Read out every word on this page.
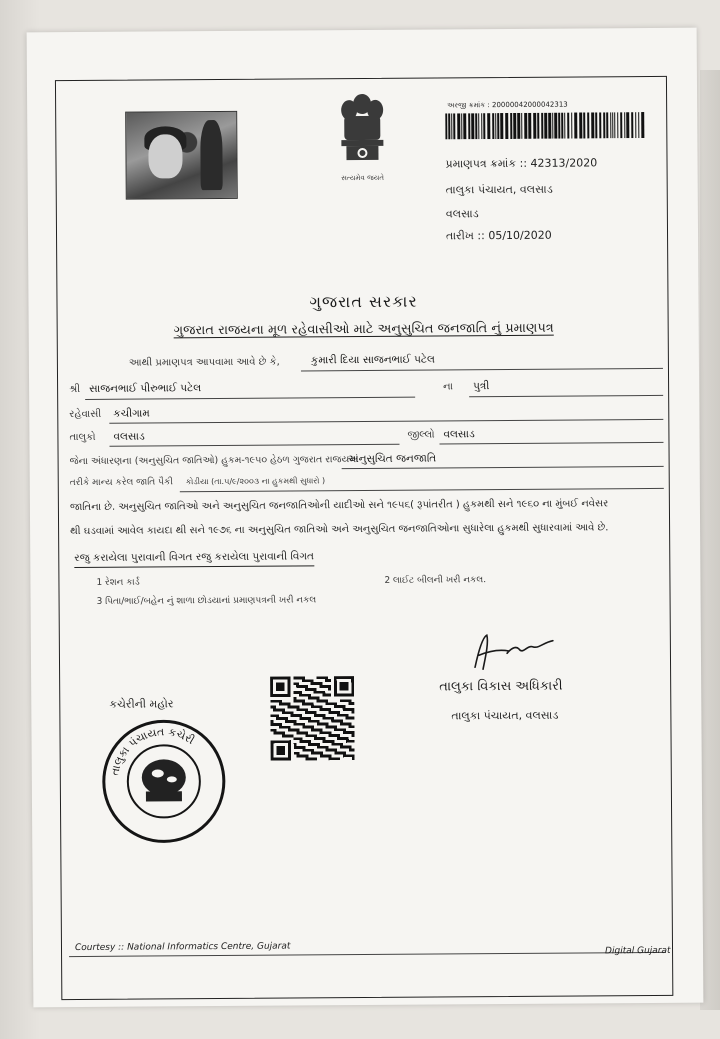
સત્યમેવ જયતે
અરજી ક્રમાંક : 20000042000042313
પ્રમાણપત્ર ક્રમાંક :: 42313/2020
તાલુકા પંચાયત, વલસાડ
વલસાડ
તારીખ :: 05/10/2020
ગુજરાત સરકાર
ગુજરાત રાજયના મૂળ રહેવાસીઓ માટે અનુસુચિત જનજાતિ નું પ્રમાણપત્ર
આથી પ્રમાણપત્ર આપવામા આવે છે કે,	કુમારી દિયા સાજનભાઈ પટેલ
શ્રી સાજનભાઈ પીરુભાઈ પટેલ	ના પુત્રી
રહેવાસી કચીગામ
તાલુકો વલસાડ	જીલ્લો વલસાડ
જેના અંધારણના (અનુસુચિત જાતિઓ) હુકમ-૧૯૫૦ હેઠળ ગુજરાત રાજયમાં
અનુસુચિત જનજાતિ
તરીકે માન્ય કરેલ જાતિ પૈકી કોડીયા (તા.૫/૯/૨૦૦૩ ના હુકમથી સુધારો )
જાતિના છે. અનુસુચિત જાતિઓ અને અનુસુચિત જનજાતિઓની યાદીઓ સને ૧૯૫૬( રૂપાંતરીત ) હુકમથી સને ૧૯૬૦ ના મુંબઈ નવેસર
થી ઘડવામાં આવેલ કાયદા થી સને ૧૯૭૬ ના અનુસુચિત જાતિઓ અને અનુસુચિત જનજાતિઓના સુધારેલા હુકમથી સુધારવામાં આવે છે.
રજુ કરાયેલા પુરાવાની વિગત રજુ કરાયેલા પુરાવાની વિગત
1 રેશન કાર્ડ	2 લાઈટ બીલની ખરી નકલ.
3 પિતા/ભાઈ/બહેન નું શાળા છોડયાનાં પ્રમાણપત્રની ખરી નકલ
તાલુકા વિકાસ અધિકારી
તાલુકા પંચાયત, વલસાડ
કચેરીની મહોર
તાલુકા પંચાયત કચેરી
Courtesy :: National Informatics Centre, Gujarat	Digital Gujarat
